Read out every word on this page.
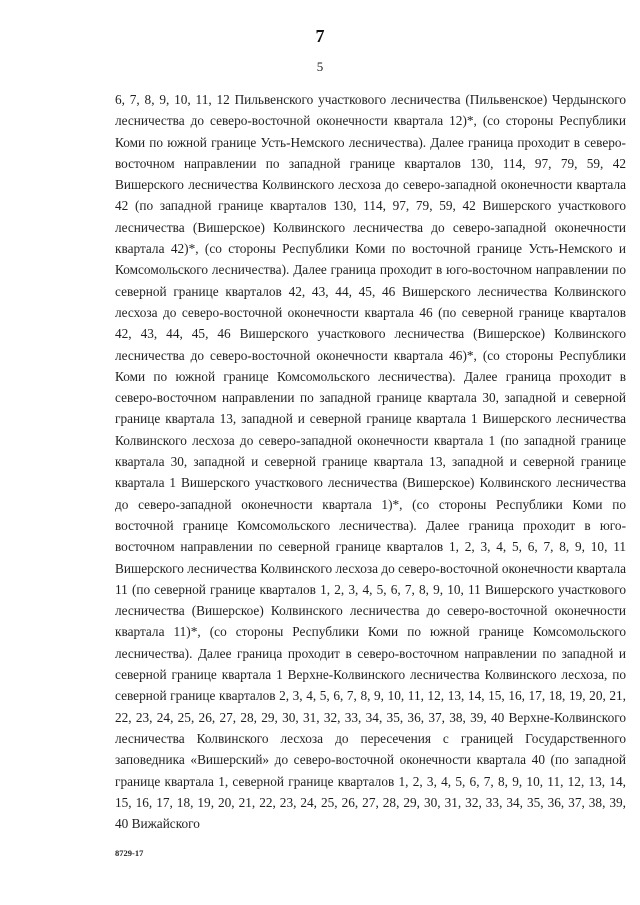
7
5

6, 7, 8, 9, 10, 11, 12 Пильвенского участкового лесничества (Пильвенское) Чердынского лесничества до северо-восточной оконечности квартала 12)*, (со стороны Республики Коми по южной границе Усть-Немского лесничества). Далее граница проходит в северо-восточном направлении по западной границе кварталов 130, 114, 97, 79, 59, 42 Вишерского лесничества Колвинского лесхоза до северо-западной оконечности квартала 42 (по западной границе кварталов 130, 114, 97, 79, 59, 42 Вишерского участкового лесничества (Вишерское) Колвинского лесничества до северо-западной оконечности квартала 42)*, (со стороны Республики Коми по восточной границе Усть-Немского и Комсомольского лесничества). Далее граница проходит в юго-восточном направлении по северной границе кварталов 42, 43, 44, 45, 46 Вишерского лесничества Колвинского лесхоза до северо-восточной оконечности квартала 46 (по северной границе кварталов 42, 43, 44, 45, 46 Вишерского участкового лесничества (Вишерское) Колвинского лесничества до северо-восточной оконечности квартала 46)*, (со стороны Республики Коми по южной границе Комсомольского лесничества). Далее граница проходит в северо-восточном направлении по западной границе квартала 30, западной и северной границе квартала 13, западной и северной границе квартала 1 Вишерского лесничества Колвинского лесхоза до северо-западной оконечности квартала 1 (по западной границе квартала 30, западной и северной границе квартала 13, западной и северной границе квартала 1 Вишерского участкового лесничества (Вишерское) Колвинского лесничества до северо-западной оконечности квартала 1)*, (со стороны Республики Коми по восточной границе Комсомольского лесничества). Далее граница проходит в юго-восточном направлении по северной границе кварталов 1, 2, 3, 4, 5, 6, 7, 8, 9, 10, 11 Вишерского лесничества Колвинского лесхоза до северо-восточной оконечности квартала 11 (по северной границе кварталов 1, 2, 3, 4, 5, 6, 7, 8, 9, 10, 11 Вишерского участкового лесничества (Вишерское) Колвинского лесничества до северо-восточной оконечности квартала 11)*, (со стороны Республики Коми по южной границе Комсомольского лесничества). Далее граница проходит в северо-восточном направлении по западной и северной границе квартала 1 Верхне-Колвинского лесничества Колвинского лесхоза, по северной границе кварталов 2, 3, 4, 5, 6, 7, 8, 9, 10, 11, 12, 13, 14, 15, 16, 17, 18, 19, 20, 21, 22, 23, 24, 25, 26, 27, 28, 29, 30, 31, 32, 33, 34, 35, 36, 37, 38, 39, 40 Верхне-Колвинского лесничества Колвинского лесхоза до пересечения с границей Государственного заповедника «Вишерский» до северо-восточной оконечности квартала 40 (по западной границе квартала 1, северной границе кварталов 1, 2, 3, 4, 5, 6, 7, 8, 9, 10, 11, 12, 13, 14, 15, 16, 17, 18, 19, 20, 21, 22, 23, 24, 25, 26, 27, 28, 29, 30, 31, 32, 33, 34, 35, 36, 37, 38, 39, 40 Вижайского

8729-17
